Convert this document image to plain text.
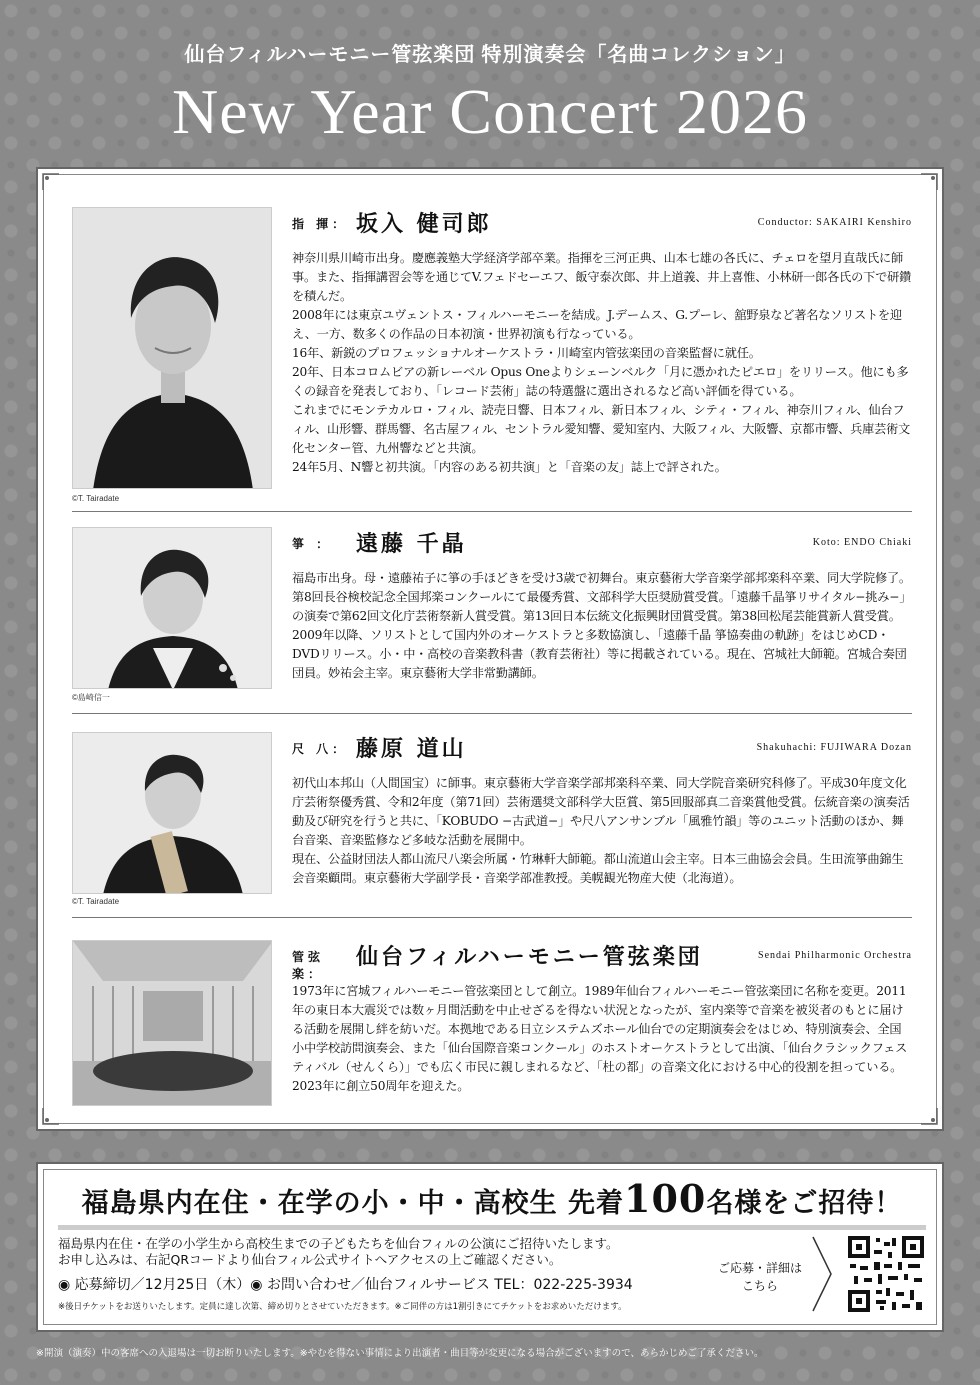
仙台フィルハーモニー管弦楽団 特別演奏会「名曲コレクション」
New Year Concert 2026
©T. Tairadate
指 揮： 坂入 健司郎	Conductor: SAKAIRI Kenshiro

神奈川県川崎市出身。慶應義塾大学経済学部卒業。指揮を三河正典、山本七雄の各氏に、チェロを望月直哉氏に師事。また、指揮講習会等を通じてV.フェドセーエフ、飯守泰次郎、井上道義、井上喜惟、小林研一郎各氏の下で研鑽を積んだ。

2008年には東京ユヴェントス・フィルハーモニーを結成。J.デームス、G.プーレ、舘野泉など著名なソリストを迎え、一方、数多くの作品の日本初演・世界初演も行なっている。

16年、新鋭のプロフェッショナルオーケストラ・川崎室内管弦楽団の音楽監督に就任。

20年、日本コロムビアの新レーベル Opus Oneよりシェーンベルク「月に憑かれたピエロ」をリリース。他にも多くの録音を発表しており、「レコード芸術」誌の特選盤に選出されるなど高い評価を得ている。

これまでにモンテカルロ・フィル、読売日響、日本フィル、新日本フィル、シティ・フィル、神奈川フィル、仙台フィル、山形響、群馬響、名古屋フィル、セントラル愛知響、愛知室内、大阪フィル、大阪響、京都市響、兵庫芸術文化センター管、九州響などと共演。

24年5月、N響と初共演。「内容のある初共演」と「音楽の友」誌上で評された。

©島崎信一
箏 ：	遠藤 千晶	Koto: ENDO Chiaki

福島市出身。母・遠藤祐子に箏の手ほどきを受け3歳で初舞台。東京藝術大学音楽学部邦楽科卒業、同大学院修了。第8回長谷検校記念全国邦楽コンクールにて最優秀賞、文部科学大臣奨励賞受賞。「遠藤千晶箏リサイタル−挑み−」の演奏で第62回文化庁芸術祭新人賞受賞。第13回日本伝統文化振興財団賞受賞。第38回松尾芸能賞新人賞受賞。2009年以降、ソリストとして国内外のオーケストラと多数協演し、「遠藤千晶 箏協奏曲の軌跡」をはじめCD・DVDリリース。小・中・高校の音楽教科書（教育芸術社）等に掲載されている。現在、宮城社大師範。宮城合奏団団員。妙祐会主宰。東京藝術大学非常勤講師。

©T. Tairadate
尺 八： 藤原 道山	Shakuhachi: FUJIWARA Dozan

初代山本邦山（人間国宝）に師事。東京藝術大学音楽学部邦楽科卒業、同大学院音楽研究科修了。平成30年度文化庁芸術祭優秀賞、令和2年度（第71回）芸術選奨文部科学大臣賞、第5回服部真二音楽賞他受賞。伝統音楽の演奏活動及び研究を行うと共に、「KOBUDO −古武道−」や尺八アンサンブル「風雅竹韻」等のユニット活動のほか、舞台音楽、音楽監修など多岐な活動を展開中。

現在、公益財団法人都山流尺八楽会所属・竹琳軒大師範。都山流道山会主宰。日本三曲協会会員。生田流箏曲錦生会音楽顧問。東京藝術大学副学長・音楽学部准教授。美幌観光物産大使（北海道）。

管弦楽：
仙台フィルハーモニー管弦楽団	Sendai Philharmonic Orchestra

1973年に宮城フィルハーモニー管弦楽団として創立。1989年仙台フィルハーモニー管弦楽団に名称を変更。2011年の東日本大震災では数ヶ月間活動を中止せざるを得ない状況となったが、室内楽等で音楽を被災者のもとに届ける活動を展開し絆を紡いだ。本拠地である日立システムズホール仙台での定期演奏会をはじめ、特別演奏会、全国小中学校訪問演奏会、また「仙台国際音楽コンクール」のホストオーケストラとして出演、「仙台クラシックフェスティバル（せんくら）」でも広く市民に親しまれるなど、「杜の都」の音楽文化における中心的役割を担っている。2023年に創立50周年を迎えた。

福島県内在住・在学の小・中・高校生 先着100名様をご招待！

福島県内在住・在学の小学生から高校生までの子どもたちを仙台フィルの公演にご招待いたします。

お申し込みは、右記QRコードより仙台フィル公式サイトへアクセスの上ご確認ください。

◉ 応募締切／12月25日（木）◉ お問い合わせ／仙台フィルサービス TEL：022-225-3934
※後日チケットをお送りいたします。定員に達し次第、締め切りとさせていただきます。※ご同伴の方は1割引きにてチケットをお求めいただけます。
ご応募・詳細は
こちら
※開演（演奏）中の客席への入退場は一切お断りいたします。※やむを得ない事情により出演者・曲目等が変更になる場合がございますので、あらかじめご了承ください。
